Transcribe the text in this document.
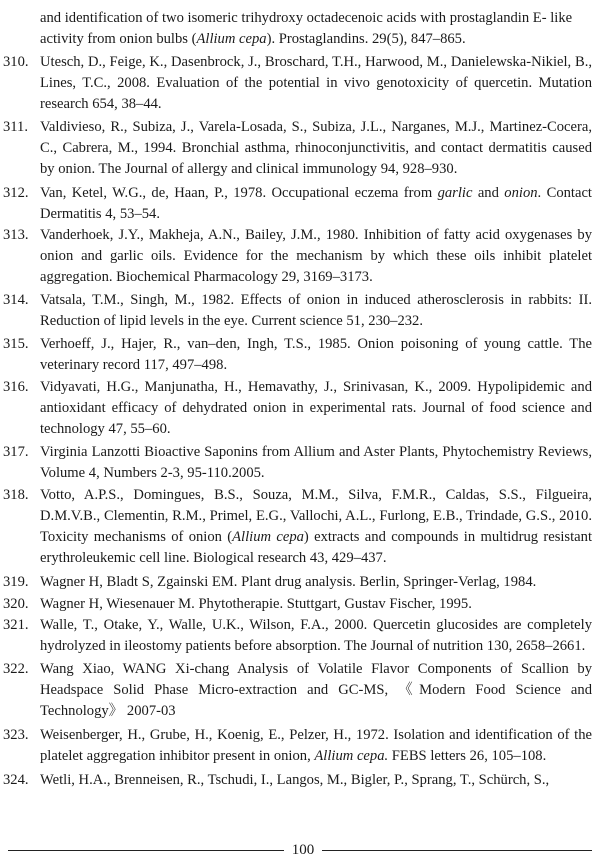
and identification of two isomeric trihydroxy octadecenoic acids with prostaglandin E- like
activity from onion bulbs (Allium cepa). Prostaglandins. 29(5), 847–865.
310. Utesch, D., Feige, K., Dasenbrock, J., Broschard, T.H., Harwood, M., Danielewska-Nikiel, B., Lines, T.C., 2008. Evaluation of the potential in vivo genotoxicity of quercetin. Mutation research 654, 38–44.
311. Valdivieso, R., Subiza, J., Varela-Losada, S., Subiza, J.L., Narganes, M.J., Martinez-Cocera, C., Cabrera, M., 1994. Bronchial asthma, rhinoconjunctivitis, and contact dermatitis caused by onion. The Journal of allergy and clinical immunology 94, 928–930.
312. Van, Ketel, W.G., de, Haan, P., 1978. Occupational eczema from garlic and onion. Contact Dermatitis 4, 53–54.
313. Vanderhoek, J.Y., Makheja, A.N., Bailey, J.M., 1980. Inhibition of fatty acid oxygenases by onion and garlic oils. Evidence for the mechanism by which these oils inhibit platelet aggregation. Biochemical Pharmacology 29, 3169–3173.
314. Vatsala, T.M., Singh, M., 1982. Effects of onion in induced atherosclerosis in rabbits: II. Reduction of lipid levels in the eye. Current science 51, 230–232.
315. Verhoeff, J., Hajer, R., van–den, Ingh, T.S., 1985. Onion poisoning of young cattle. The veterinary record 117, 497–498.
316. Vidyavati, H.G., Manjunatha, H., Hemavathy, J., Srinivasan, K., 2009. Hypolipidemic and antioxidant efficacy of dehydrated onion in experimental rats. Journal of food science and technology 47, 55–60.
317. Virginia Lanzotti Bioactive Saponins from Allium and Aster Plants, Phytochemistry Reviews, Volume 4, Numbers 2-3, 95-110.2005.
318. Votto, A.P.S., Domingues, B.S., Souza, M.M., Silva, F.M.R., Caldas, S.S., Filgueira, D.M.V.B., Clementin, R.M., Primel, E.G., Vallochi, A.L., Furlong, E.B., Trindade, G.S., 2010. Toxicity mechanisms of onion (Allium cepa) extracts and compounds in multidrug resistant erythroleukemic cell line. Biological research 43, 429–437.
319. Wagner H, Bladt S, Zgainski EM. Plant drug analysis. Berlin, Springer-Verlag, 1984.
320. Wagner H, Wiesenauer M. Phytotherapie. Stuttgart, Gustav Fischer, 1995.
321. Walle, T., Otake, Y., Walle, U.K., Wilson, F.A., 2000. Quercetin glucosides are completely hydrolyzed in ileostomy patients before absorption. The Journal of nutrition 130, 2658–2661.
322. Wang Xiao, WANG Xi-chang Analysis of Volatile Flavor Components of Scallion by Headspace Solid Phase Micro-extraction and GC-MS, 《Modern Food Science and Technology》 2007-03
323. Weisenberger, H., Grube, H., Koenig, E., Pelzer, H., 1972. Isolation and identification of the platelet aggregation inhibitor present in onion, Allium cepa. FEBS letters 26, 105–108.
324. Wetli, H.A., Brenneisen, R., Tschudi, I., Langos, M., Bigler, P., Sprang, T., Schürch, S.,
100
